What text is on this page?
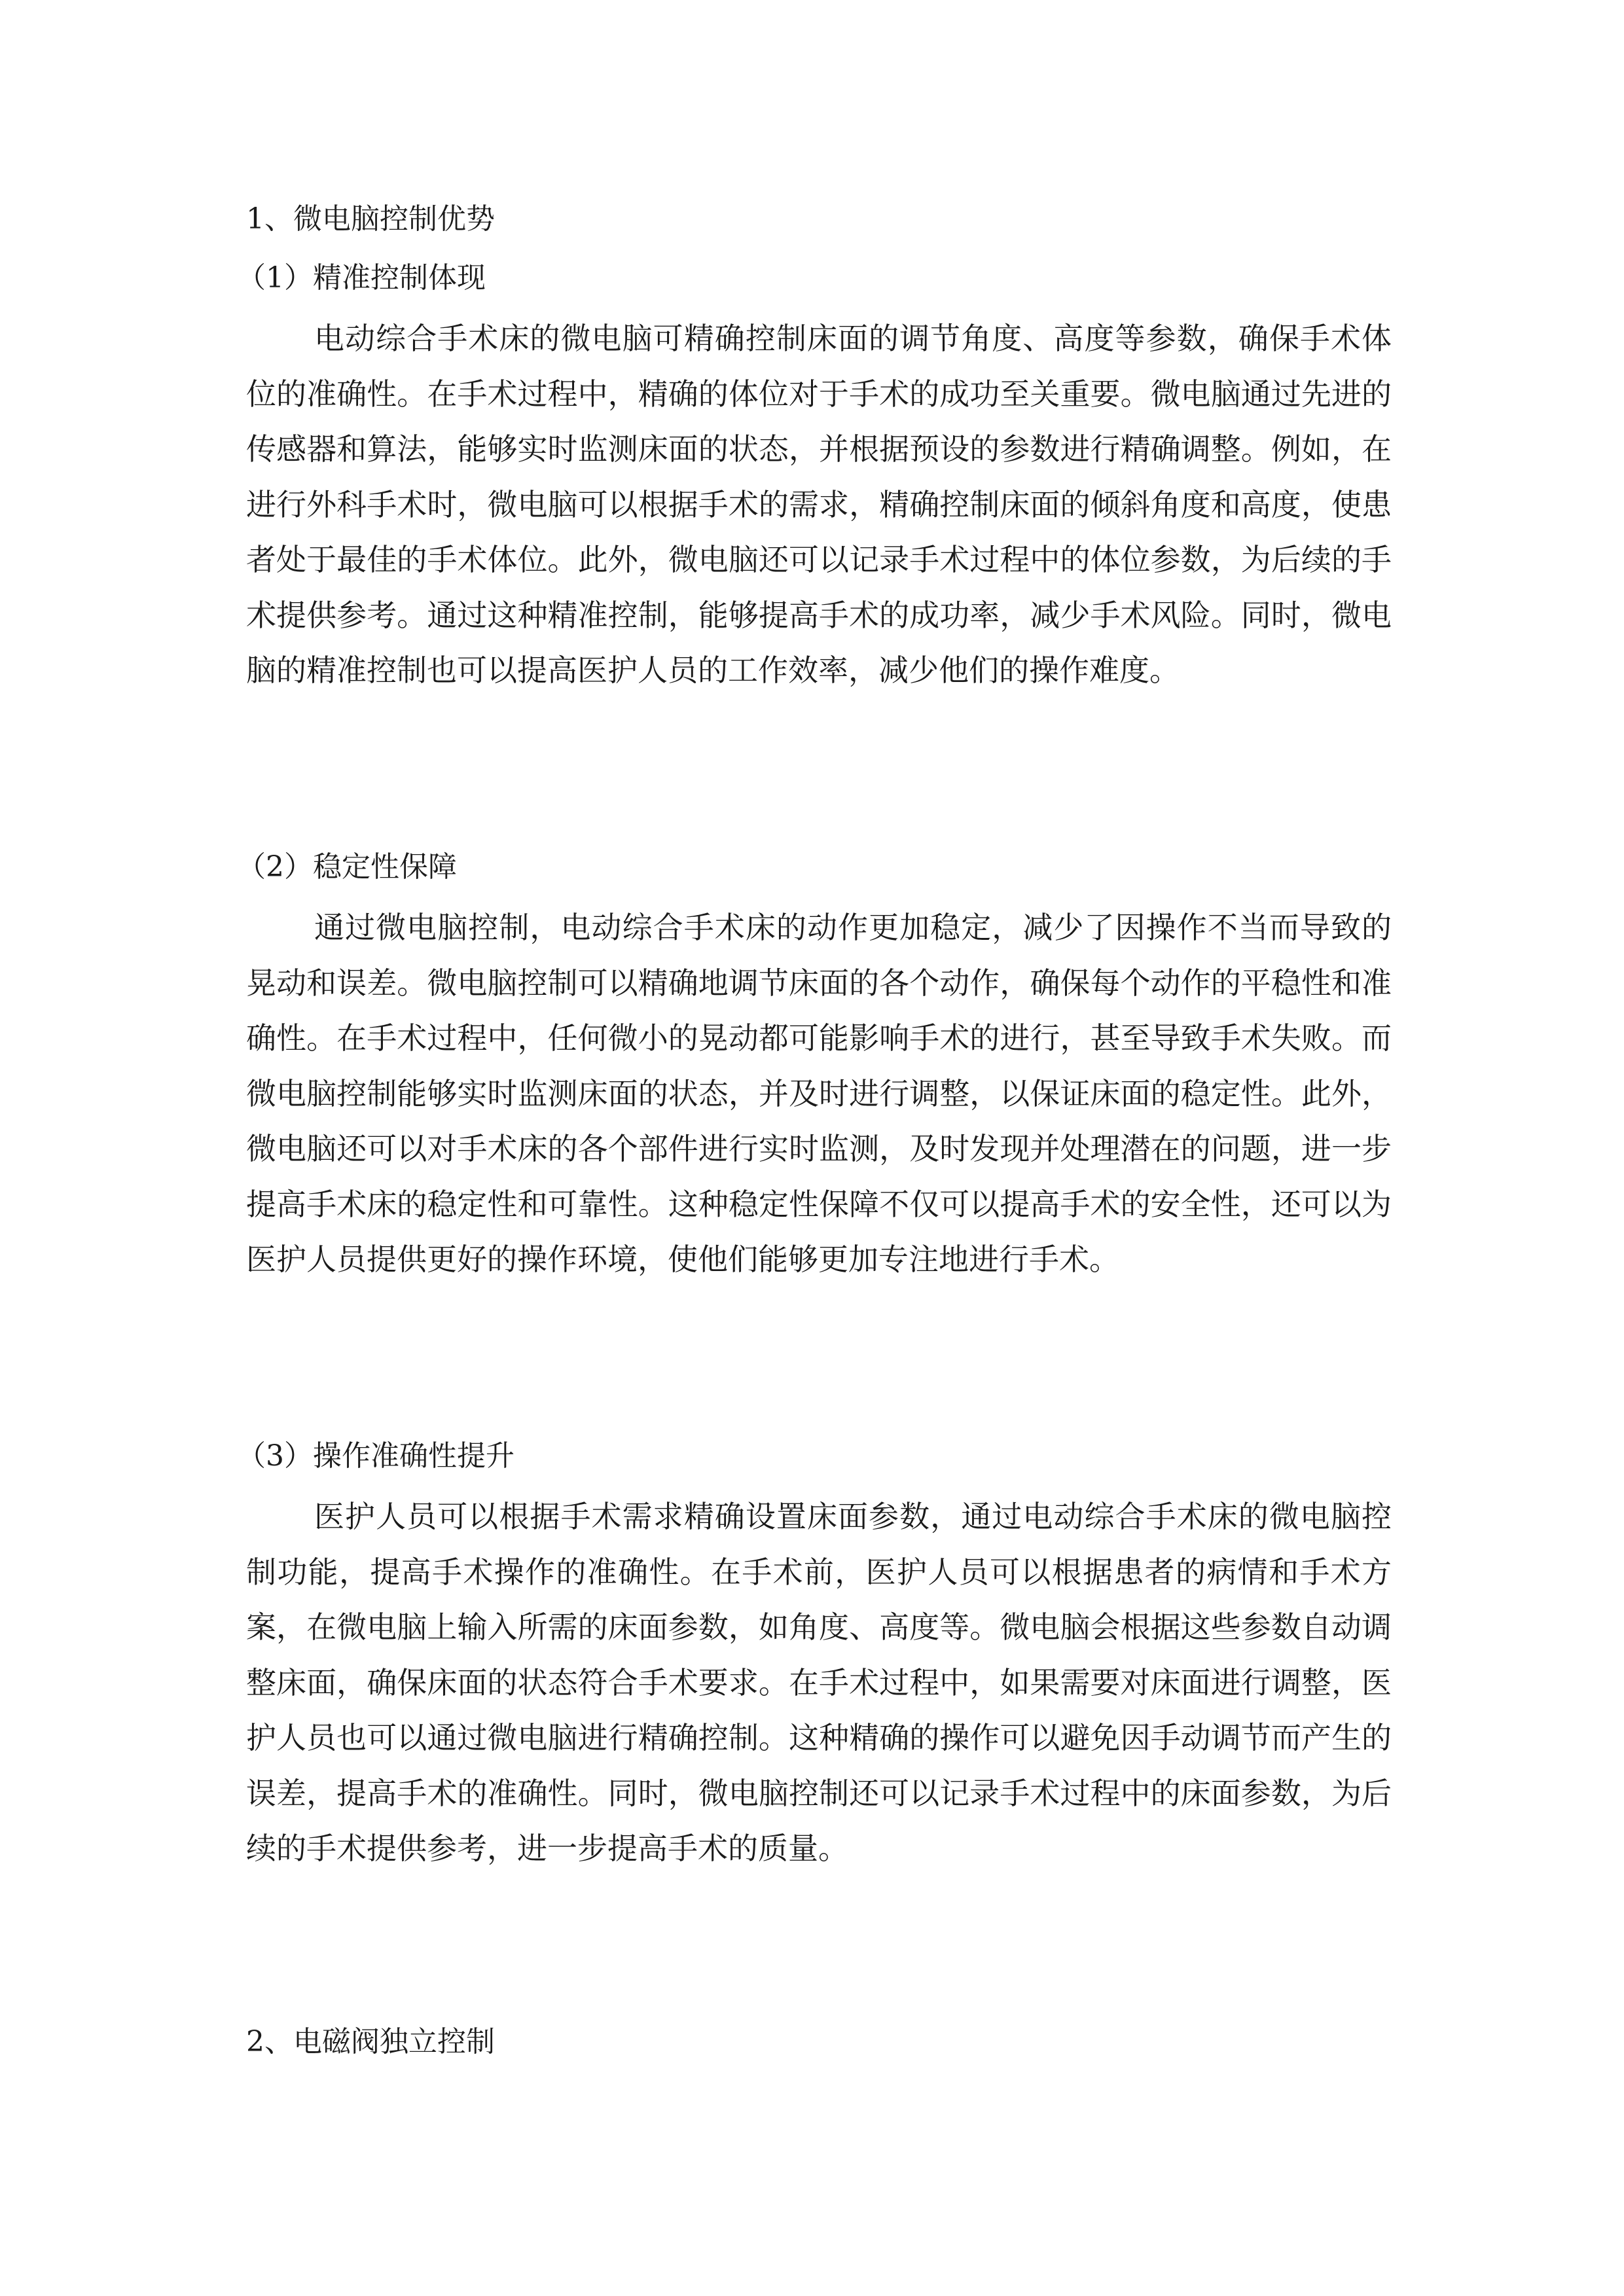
1、微电脑控制优势
（1）精准控制体现

电动综合手术床的微电脑可精确控制床面的调节角度、高度等参数，确保手术体位的准确性。在手术过程中，精确的体位对于手术的成功至关重要。微电脑通过先进的传感器和算法，能够实时监测床面的状态，并根据预设的参数进行精确调整。例如，在进行外科手术时，微电脑可以根据手术的需求，精确控制床面的倾斜角度和高度，使患者处于最佳的手术体位。此外，微电脑还可以记录手术过程中的体位参数，为后续的手术提供参考。通过这种精准控制，能够提高手术的成功率，减少手术风险。同时，微电脑的精准控制也可以提高医护人员的工作效率，减少他们的操作难度。

（2）稳定性保障

通过微电脑控制，电动综合手术床的动作更加稳定，减少了因操作不当而导致的晃动和误差。微电脑控制可以精确地调节床面的各个动作，确保每个动作的平稳性和准确性。在手术过程中，任何微小的晃动都可能影响手术的进行，甚至导致手术失败。而微电脑控制能够实时监测床面的状态，并及时进行调整，以保证床面的稳定性。此外，微电脑还可以对手术床的各个部件进行实时监测，及时发现并处理潜在的问题，进一步提高手术床的稳定性和可靠性。这种稳定性保障不仅可以提高手术的安全性，还可以为医护人员提供更好的操作环境，使他们能够更加专注地进行手术。

（3）操作准确性提升

医护人员可以根据手术需求精确设置床面参数，通过电动综合手术床的微电脑控制功能，提高手术操作的准确性。在手术前，医护人员可以根据患者的病情和手术方案，在微电脑上输入所需的床面参数，如角度、高度等。微电脑会根据这些参数自动调整床面，确保床面的状态符合手术要求。在手术过程中，如果需要对床面进行调整，医护人员也可以通过微电脑进行精确控制。这种精确的操作可以避免因手动调节而产生的误差，提高手术的准确性。同时，微电脑控制还可以记录手术过程中的床面参数，为后续的手术提供参考，进一步提高手术的质量。

2、电磁阀独立控制
